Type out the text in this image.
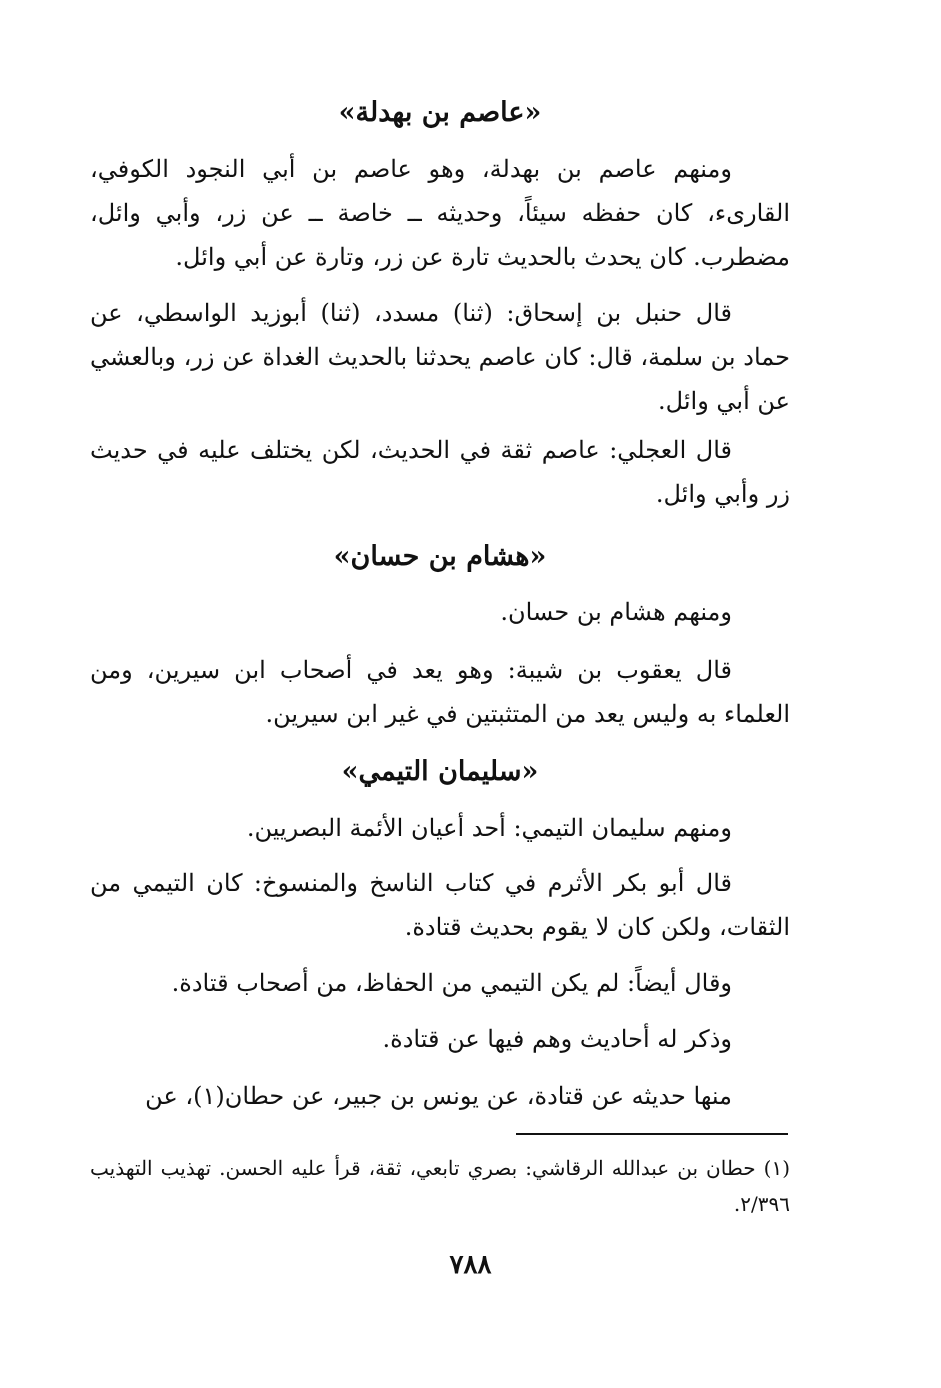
«عاصم بن بهدلة»
ومنهم عاصم بن بهدلة، وهو عاصم بن أبي النجود الكوفي، القارىء، كان حفظه سيئاً، وحديثه ــ خاصة ــ عن زر، وأبي وائل، مضطرب. كان يحدث بالحديث تارة عن زر، وتارة عن أبي وائل.
قال حنبل بن إسحاق: (ثنا) مسدد، (ثنا) أبوزيد الواسطي، عن حماد بن سلمة، قال: كان عاصم يحدثنا بالحديث الغداة عن زر، وبالعشي عن أبي وائل.
قال العجلي: عاصم ثقة في الحديث، لكن يختلف عليه في حديث زر وأبي وائل.
«هشام بن حسان»
ومنهم هشام بن حسان.
قال يعقوب بن شيبة: وهو يعد في أصحاب ابن سيرين، ومن العلماء به وليس يعد من المتثبتين في غير ابن سيرين.
«سليمان التيمي»
ومنهم سليمان التيمي: أحد أعيان الأئمة البصريين.
قال أبو بكر الأثرم في كتاب الناسخ والمنسوخ: كان التيمي من الثقات، ولكن كان لا يقوم بحديث قتادة.
وقال أيضاً: لم يكن التيمي من الحفاظ، من أصحاب قتادة.
وذكر له أحاديث وهم فيها عن قتادة.
منها حديثه عن قتادة، عن يونس بن جبير، عن حطان(١)، عن
(١) حطان بن عبدالله الرقاشي: بصري تابعي، ثقة، قرأ عليه الحسن. تهذيب التهذيب ٢/٣٩٦.
٧٨٨
